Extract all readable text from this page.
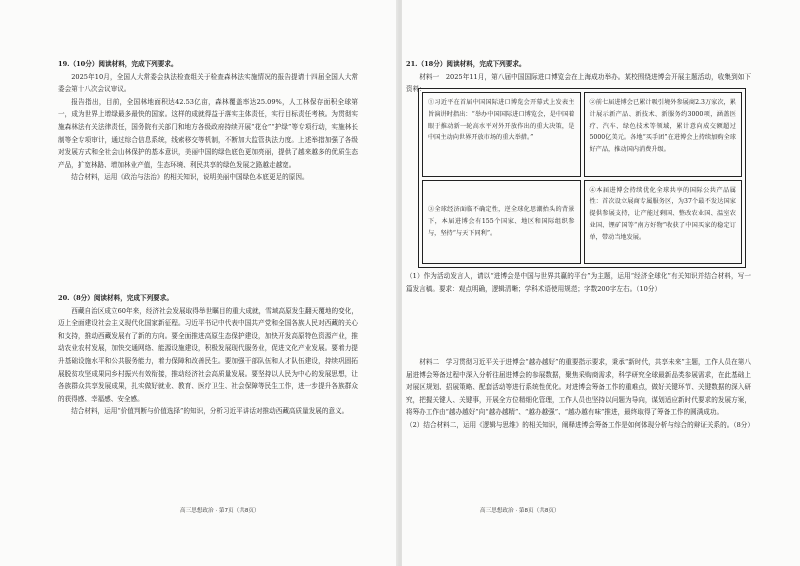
19.（10分）阅读材料，完成下列要求。

2025年10月，全国人大常委会执法检查组关于检查森林法实施情况的报告提请十四届全国人大常委会第十八次会议审议。

报告指出，目前，全国林地面积达42.53亿亩，森林覆盖率达25.09%，人工林保存面积全球第一，成为世界上增绿最多最快的国家。这样的成就得益于落实主体责任，实行目标责任考核。为贯彻实施森林法有关法律责任，国务院有关部门和地方各级政府持续开展“花仓”“护绿”等专项行动，实施林长制等全专项审计，通过综合信息系统，线索移交等机制，不断加大监管执法力度。上述举措加强了各级对发展方式和全社会山林保护的基本意识，美丽中国的绿色底色更加亮丽，提供了越来越多的优质生态产品，扩宽林路、增加林业产值，生态环境、利民共享的绿色发展之路越走越宽。

结合材料，运用《政治与法治》的相关知识，说明美丽中国绿色本底更足的原因。

20.（8分）阅读材料，完成下列要求。

西藏自治区成立60年来，经济社会发展取得举世瞩目的重大成就，雪域高原发生翻天覆地的变化，迈上全面建设社会主义现代化国家新征程。习近平书记中代表中国共产党和全国各族人民对西藏的关心和支持，推动西藏发展有了新的方向。要全面推进高原生态保护建设，加快开发高原特色资源产业，推动农业农村发展，加快交通网络、能源设施建设，积极发展现代服务业，促进文化产业发展。要着力提升基础设施水平和公共服务能力，着力保障和改善民生。要加强干部队伍和人才队伍建设，持续巩固拓展脱贫攻坚成果同乡村振兴有效衔接，推动经济社会高质量发展。要坚持以人民为中心的发展思想，让各族群众共享发展成果，扎实做好就业、教育、医疗卫生、社会保障等民生工作，进一步提升各族群众的获得感、幸福感、安全感。

结合材料，运用“价值判断与价值选择”的知识，分析习近平讲话对推动西藏高质量发展的意义。

高三思想政治 · 第7页（共8页）
21.（18分）阅读材料，完成下列要求。

材料一　2025年11月，第八届中国国际进口博览会在上海成功举办。某校围绕进博会开展主题活动，收集到如下资料：

①习近平在首届中国国际进口博览会开幕式上发表主旨演讲时指出：“举办中国国际进口博览会，是中国着眼于推动新一轮高水平对外开放作出的重大决策，是中国主动向世界开放市场的重大举措。”
②前七届进博会已累计吸引境外参展商2.3万家次，累计展示新产品、新技术、新服务约3000项，涵盖医疗、汽车、绿色技术等领域，累计意向成交额超过5000亿美元。各地“买手团”在进博会上持续加购全球好产品，推动国内消费升级。
③全球经济面临不确定性，逆全球化思潮抬头的背景下，本届进博会有155个国家、地区和国际组织参与，坚持“与天下同利”。
④本届进博会持续优化全球共享的国际公共产品属性：首次设立展商专属服务区，为37个最不发达国家提供参展支持，让产能过剩国、整改农业国、温室农业国、锂矿国等“南方好物”收获了中国买家的稳定订单，带动当地发展。

（1）作为活动发言人，请以“进博会是中国与世界共赢的平台”为主题，运用“经济全球化”有关知识并结合材料，写一篇发言稿。要求：观点明确，逻辑清晰；学科术语使用规范；字数200字左右。（10分）

材料二　学习贯彻习近平关于进博会“越办越好”的重要指示要求，秉承“新时代，共享未来”主题，工作人员在第八届进博会筹备过程中深入分析往届进博会的参展数据，聚焦采购商需求，科学研究全球最新品类参展需求，在此基础上对展区规划、招展策略、配套活动等进行系统性优化。对进博会筹备工作的重难点，做好关键环节、关键数据的深入研究，把握关键人、关键事，开展全方位精细化管理，工作人员也坚持以问题为导向，谋划适应新时代要求的发展方案，将筹办工作由“越办越好”向“越办越精”、“越办越强”、“越办越有味”推进，最终取得了筹备工作的圆满成功。

（2）结合材料二，运用《逻辑与思维》的相关知识，阐释进博会筹备工作是如何体现分析与综合的辩证关系的。（8分）

高三思想政治 · 第8页（共8页）
